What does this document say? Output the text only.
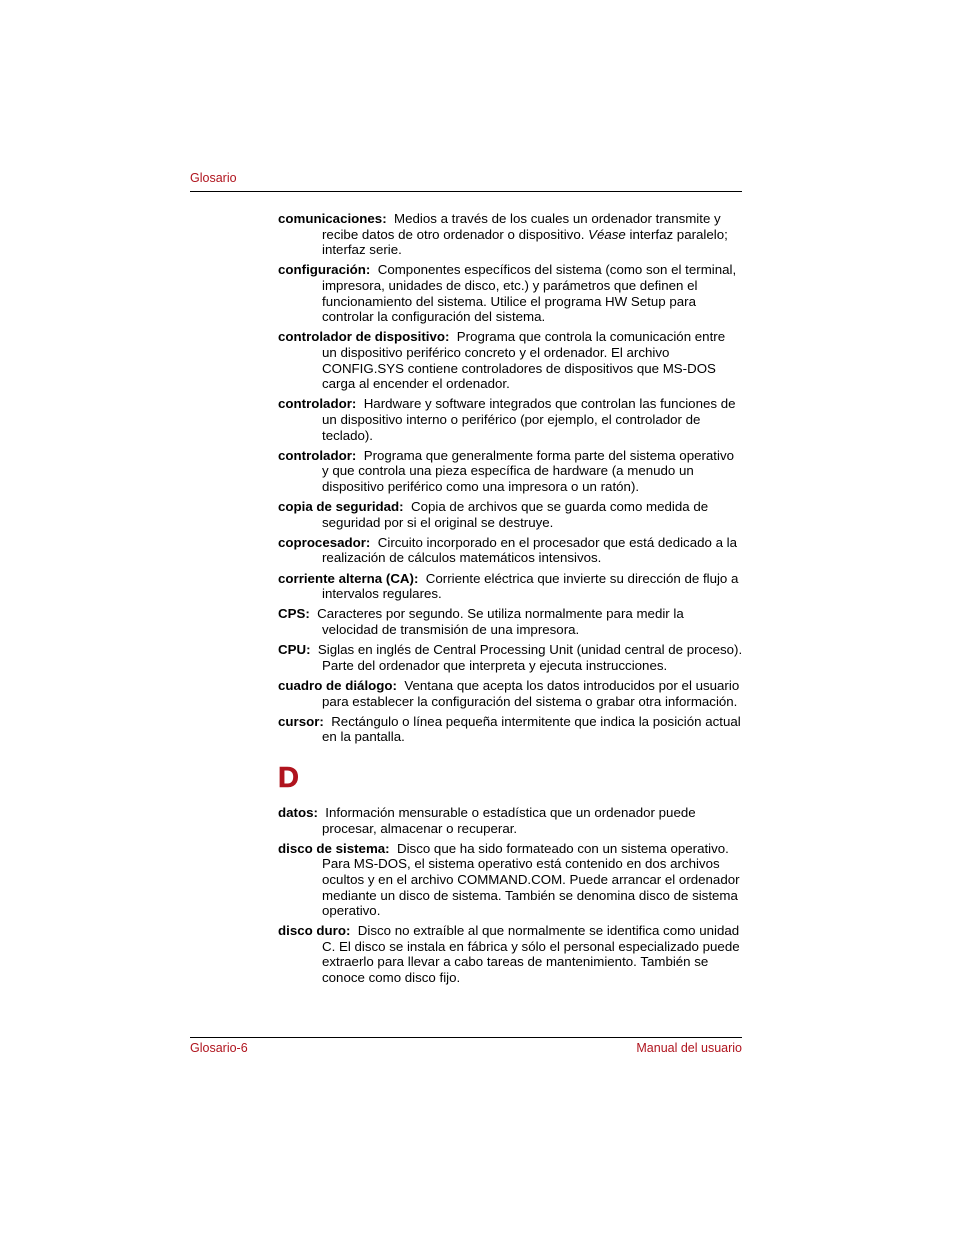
Glosario

comunicaciones: Medios a través de los cuales un ordenador transmite y recibe datos de otro ordenador o dispositivo. Véase interfaz paralelo; interfaz serie.

configuración: Componentes específicos del sistema (como son el terminal, impresora, unidades de disco, etc.) y parámetros que definen el funcionamiento del sistema. Utilice el programa HW Setup para controlar la configuración del sistema.

controlador de dispositivo: Programa que controla la comunicación entre un dispositivo periférico concreto y el ordenador. El archivo CONFIG.SYS contiene controladores de dispositivos que MS-DOS carga al encender el ordenador.

controlador: Hardware y software integrados que controlan las funciones de un dispositivo interno o periférico (por ejemplo, el controlador de teclado).

controlador: Programa que generalmente forma parte del sistema operativo y que controla una pieza específica de hardware (a menudo un dispositivo periférico como una impresora o un ratón).

copia de seguridad: Copia de archivos que se guarda como medida de seguridad por si el original se destruye.

coprocesador: Circuito incorporado en el procesador que está dedicado a la realización de cálculos matemáticos intensivos.

corriente alterna (CA): Corriente eléctrica que invierte su dirección de flujo a intervalos regulares.

CPS: Caracteres por segundo. Se utiliza normalmente para medir la velocidad de transmisión de una impresora.

CPU: Siglas en inglés de Central Processing Unit (unidad central de proceso). Parte del ordenador que interpreta y ejecuta instrucciones.

cuadro de diálogo: Ventana que acepta los datos introducidos por el usuario para establecer la configuración del sistema o grabar otra información.

cursor: Rectángulo o línea pequeña intermitente que indica la posición actual en la pantalla.

D

datos: Información mensurable o estadística que un ordenador puede procesar, almacenar o recuperar.

disco de sistema: Disco que ha sido formateado con un sistema operativo. Para MS-DOS, el sistema operativo está contenido en dos archivos ocultos y en el archivo COMMAND.COM. Puede arrancar el ordenador mediante un disco de sistema. También se denomina disco de sistema operativo.

disco duro: Disco no extraíble al que normalmente se identifica como unidad C. El disco se instala en fábrica y sólo el personal especializado puede extraerlo para llevar a cabo tareas de mantenimiento. También se conoce como disco fijo.

Glosario-6	Manual del usuario
